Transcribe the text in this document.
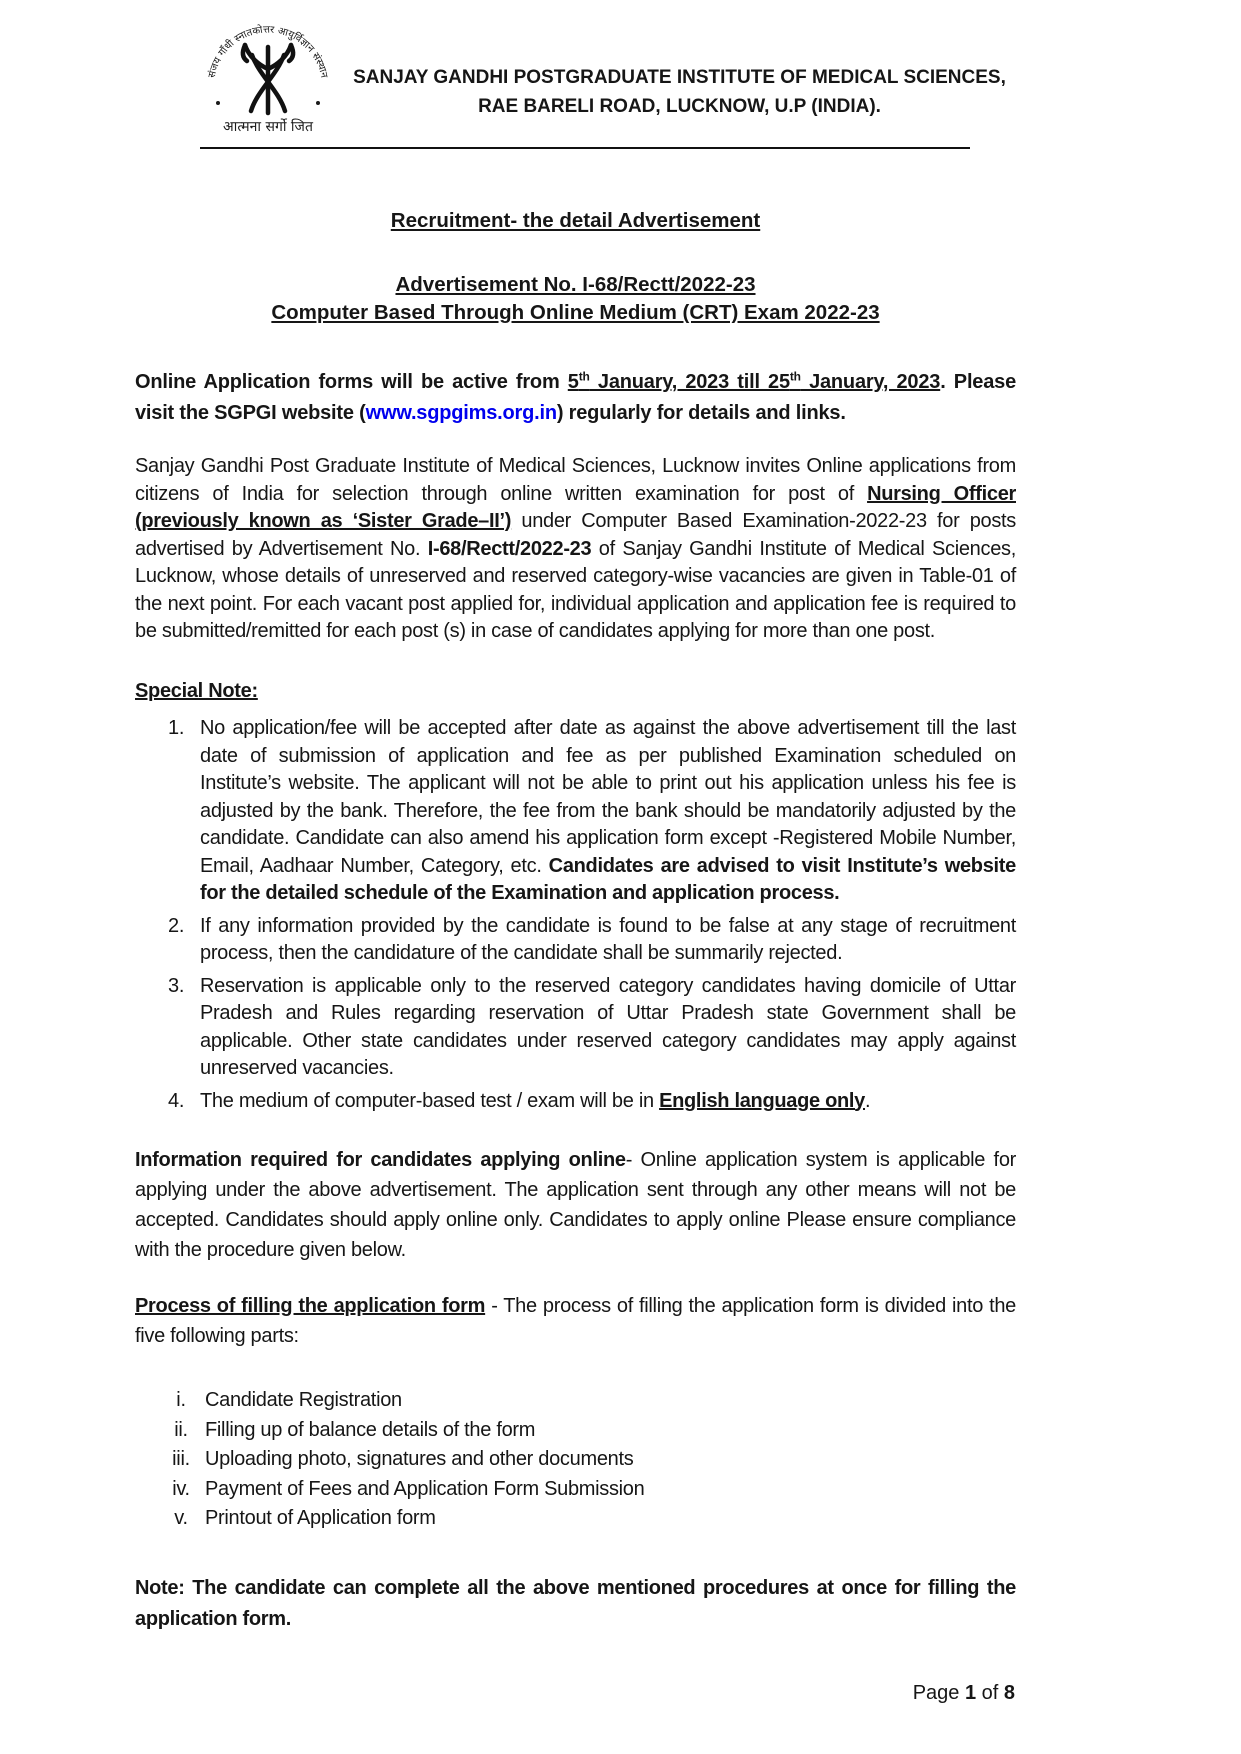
संजय गाँधी स्नातकोत्तर आयुर्विज्ञान संस्थान
आत्मना सर्गो जित
SANJAY GANDHI POSTGRADUATE INSTITUTE OF MEDICAL SCIENCES,
RAE BARELI ROAD, LUCKNOW, U.P (INDIA).
Recruitment- the detail Advertisement
Advertisement No. I-68/Rectt/2022-23
Computer Based Through Online Medium (CRT) Exam 2022-23

Online Application forms will be active from 5th January, 2023 till 25th January, 2023. Please visit the SGPGI website (www.sgpgims.org.in) regularly for details and links.

Sanjay Gandhi Post Graduate Institute of Medical Sciences, Lucknow invites Online applications from citizens of India for selection through online written examination for post of Nursing Officer (previously known as ‘Sister Grade–II’) under Computer Based Examination-2022-23 for posts advertised by Advertisement No. I-68/Rectt/2022-23 of Sanjay Gandhi Institute of Medical Sciences, Lucknow, whose details of unreserved and reserved category-wise vacancies are given in Table-01 of the next point. For each vacant post applied for, individual application and application fee is required to be submitted/remitted for each post (s) in case of candidates applying for more than one post.

Special Note:
1. No application/fee will be accepted after date as against the above advertisement till the last date of submission of application and fee as per published Examination scheduled on Institute’s website. The applicant will not be able to print out his application unless his fee is adjusted by the bank. Therefore, the fee from the bank should be mandatorily adjusted by the candidate. Candidate can also amend his application form except -Registered Mobile Number, Email, Aadhaar Number, Category, etc. Candidates are advised to visit Institute’s website for the detailed schedule of the Examination and application process.
2. If any information provided by the candidate is found to be false at any stage of recruitment process, then the candidature of the candidate shall be summarily rejected.
3. Reservation is applicable only to the reserved category candidates having domicile of Uttar Pradesh and Rules regarding reservation of Uttar Pradesh state Government shall be applicable. Other state candidates under reserved category candidates may apply against unreserved vacancies.
4. The medium of computer-based test / exam will be in English language only.

Information required for candidates applying online- Online application system is applicable for applying under the above advertisement. The application sent through any other means will not be accepted. Candidates should apply online only. Candidates to apply online Please ensure compliance with the procedure given below.

Process of filling the application form - The process of filling the application form is divided into the five following parts:

i. Candidate Registration
ii. Filling up of balance details of the form
iii. Uploading photo, signatures and other documents
iv. Payment of Fees and Application Form Submission
v. Printout of Application form

Note: The candidate can complete all the above mentioned procedures at once for filling the application form.

Page 1 of 8
